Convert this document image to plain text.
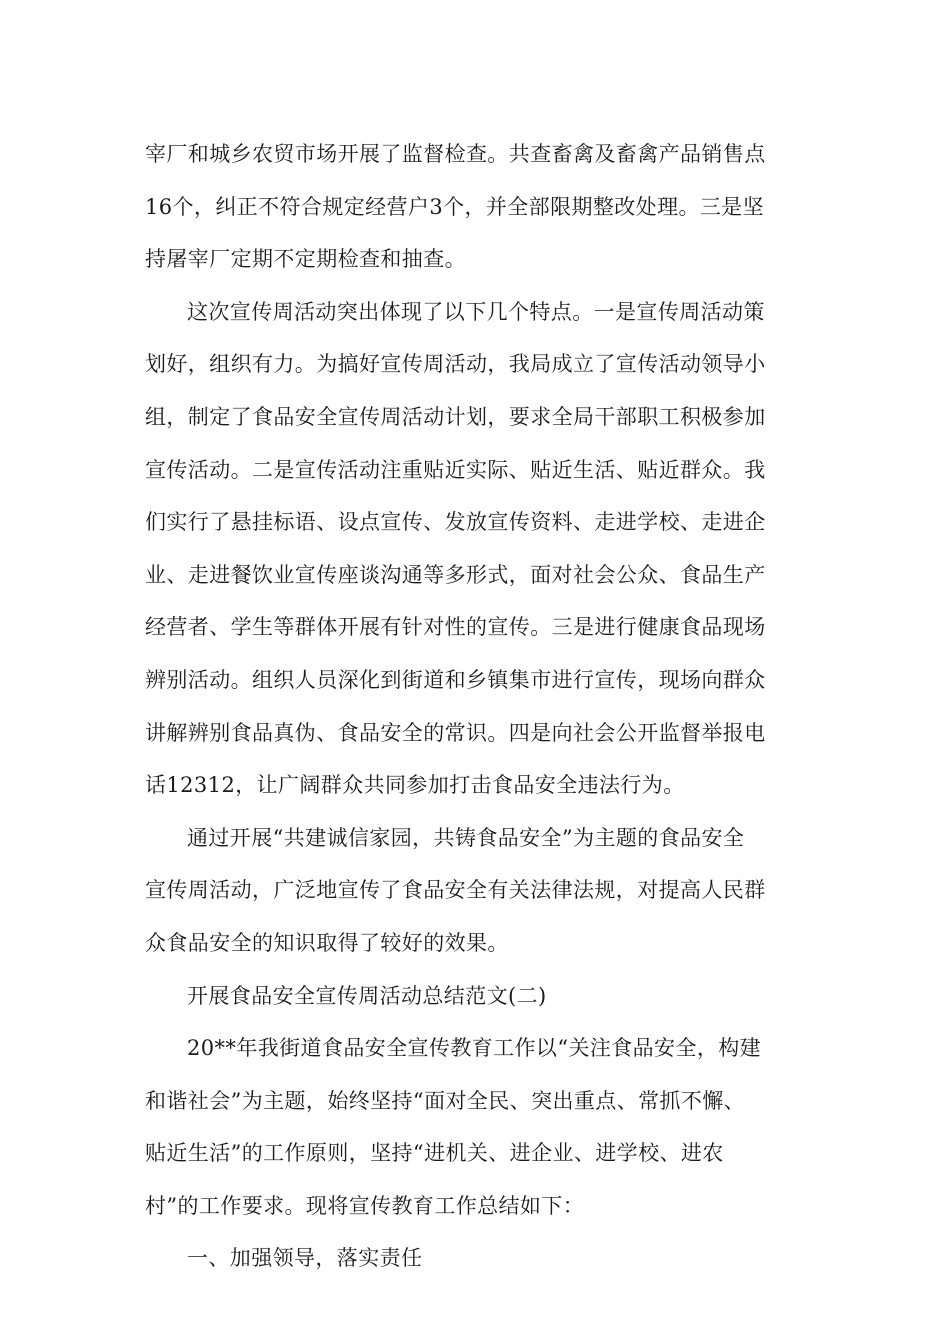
宰厂和城乡农贸市场开展了监督检查。共查畜禽及畜禽产品销售点
16个，纠正不符合规定经营户3个，并全部限期整改处理。三是坚
持屠宰厂定期不定期检查和抽查。
这次宣传周活动突出体现了以下几个特点。一是宣传周活动策
划好，组织有力。为搞好宣传周活动，我局成立了宣传活动领导小
组，制定了食品安全宣传周活动计划，要求全局干部职工积极参加
宣传活动。二是宣传活动注重贴近实际、贴近生活、贴近群众。我
们实行了悬挂标语、设点宣传、发放宣传资料、走进学校、走进企
业、走进餐饮业宣传座谈沟通等多形式，面对社会公众、食品生产
经营者、学生等群体开展有针对性的宣传。三是进行健康食品现场
辨别活动。组织人员深化到街道和乡镇集市进行宣传，现场向群众
讲解辨别食品真伪、食品安全的常识。四是向社会公开监督举报电
话12312，让广阔群众共同参加打击食品安全违法行为。
通过开展“共建诚信家园，共铸食品安全”为主题的食品安全
宣传周活动，广泛地宣传了食品安全有关法律法规，对提高人民群
众食品安全的知识取得了较好的效果。
开展食品安全宣传周活动总结范文(二)
20**年我街道食品安全宣传教育工作以“关注食品安全，构建
和谐社会”为主题，始终坚持“面对全民、突出重点、常抓不懈、
贴近生活”的工作原则，坚持“进机关、进企业、进学校、进农
村”的工作要求。现将宣传教育工作总结如下：
一、加强领导，落实责任
